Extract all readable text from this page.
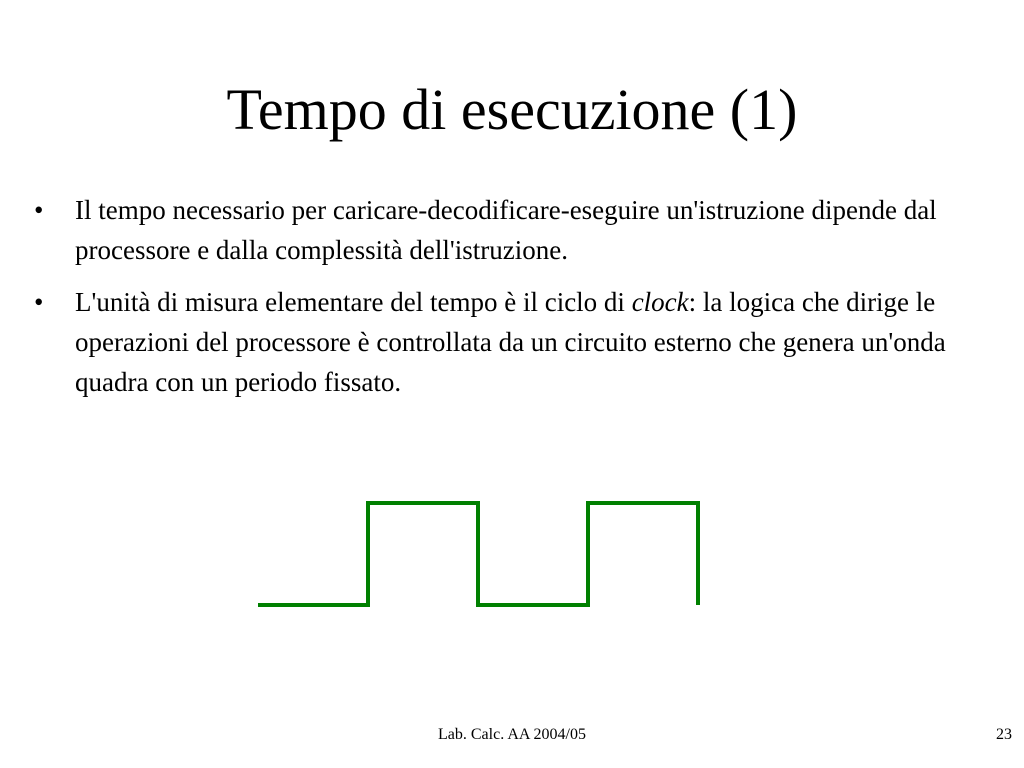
Tempo di esecuzione (1)
• Il tempo necessario per caricare-decodificare-eseguire un'istruzione dipende dal processore e dalla complessità dell'istruzione.
• L'unità di misura elementare del tempo è il ciclo di clock: la logica che dirige le operazioni del processore è controllata da un circuito esterno che genera un'onda quadra con un periodo fissato.
Lab. Calc. AA 2004/05	23
